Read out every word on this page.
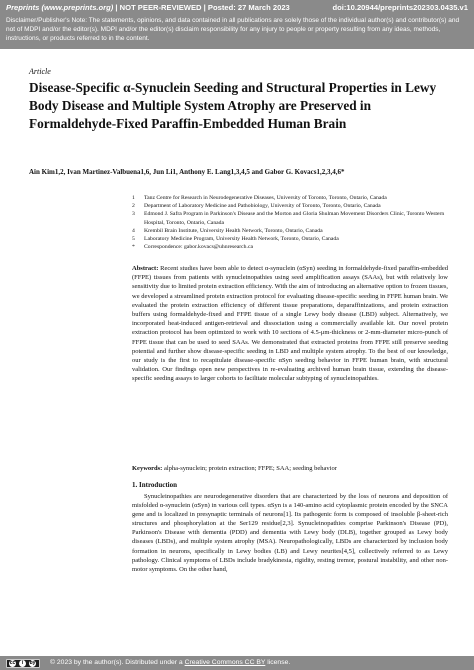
Preprints (www.preprints.org) | NOT PEER-REVIEWED | Posted: 27 March 2023	doi:10.20944/preprints202303.0435.v1
Disclaimer/Publisher's Note: The statements, opinions, and data contained in all publications are solely those of the individual author(s) and contributor(s) and not of MDPI and/or the editor(s). MDPI and/or the editor(s) disclaim responsibility for any injury to people or property resulting from any ideas, methods, instructions, or products referred to in the content.
Article
Disease-Specific α-Synuclein Seeding and Structural Properties in Lewy Body Disease and Multiple System Atrophy are Preserved in Formaldehyde-Fixed Paraffin-Embedded Human Brain
Ain Kim1,2, Ivan Martinez-Valbuena1,6, Jun Li1, Anthony E. Lang1,3,4,5 and Gabor G. Kovacs1,2,3,4,6*
1 Tanz Centre for Research in Neurodegenerative Diseases, University of Toronto, Toronto, Ontario, Canada
2 Department of Laboratory Medicine and Pathobiology, University of Toronto, Toronto, Ontario, Canada
3 Edmond J. Safra Program in Parkinson's Disease and the Morton and Gloria Shulman Movement Disorders Clinic, Toronto Western Hospital, Toronto, Ontario, Canada
4 Krembil Brain Institute, University Health Network, Toronto, Ontario, Canada
5 Laboratory Medicine Program, University Health Network, Toronto, Ontario, Canada
* Correspondence: gabor.kovacs@uhnresearch.ca

Abstract: Recent studies have been able to detect α-synuclein (αSyn) seeding in formaldehyde-fixed paraffin-embedded (FFPE) tissues from patients with synucleinopathies using seed amplification assays (SAAs), but with relatively low sensitivity due to limited protein extraction efficiency. With the aim of introducing an alternative option to frozen tissues, we developed a streamlined protein extraction protocol for evaluating disease-specific seeding in FFPE human brain. We evaluated the protein extraction efficiency of different tissue preparations, deparaffinizations, and protein extraction buffers using formaldehyde-fixed and FFPE tissue of a single Lewy body disease (LBD) subject. Alternatively, we incorporated heat-induced antigen-retrieval and dissociation using a commercially available kit. Our novel protein extraction protocol has been optimized to work with 10 sections of 4.5-μm-thickness or 2-mm-diameter micro-punch of FFPE tissue that can be used to seed SAAs. We demonstrated that extracted proteins from FFPE still preserve seeding potential and further show disease-specific seeding in LBD and multiple system atrophy. To the best of our knowledge, our study is the first to recapitulate disease-specific αSyn seeding behavior in FFPE human brain, with structural validation. Our findings open new perspectives in re-evaluating archived human brain tissue, extending the disease-specific seeding assays to larger cohorts to facilitate molecular subtyping of synucleinopathies.

Keywords: alpha-synuclein; protein extraction; FFPE; SAA; seeding behavior

1. Introduction

Synucleinopathies are neurodegenerative disorders that are characterized by the loss of neurons and deposition of misfolded α-synuclein (αSyn) in various cell types. αSyn is a 140-amino acid cytoplasmic protein encoded by the SNCA gene and is localized in presynaptic terminals of neurons[1]. Its pathogenic form is composed of insoluble β-sheet-rich structures and phosphorylation at the Ser129 residue[2,3]. Synucleinopathies comprise Parkinson's Disease (PD), Parkinson's Disease with dementia (PDD) and dementia with Lewy body (DLB), together grouped as Lewy body diseases (LBDs), and multiple system atrophy (MSA). Neuropathologically, LBDs are characterized by inclusion body formation in neurons, specifically in Lewy bodies (LB) and Lewy neurites[4,5], collectively referred to as Lewy pathology. Clinical symptoms of LBDs include bradykinesia, rigidity, resting tremor, postural instability, and other non-motor symptoms. On the other hand,

cc	i	by © 2023 by the author(s). Distributed under a Creative Commons CC BY license.
